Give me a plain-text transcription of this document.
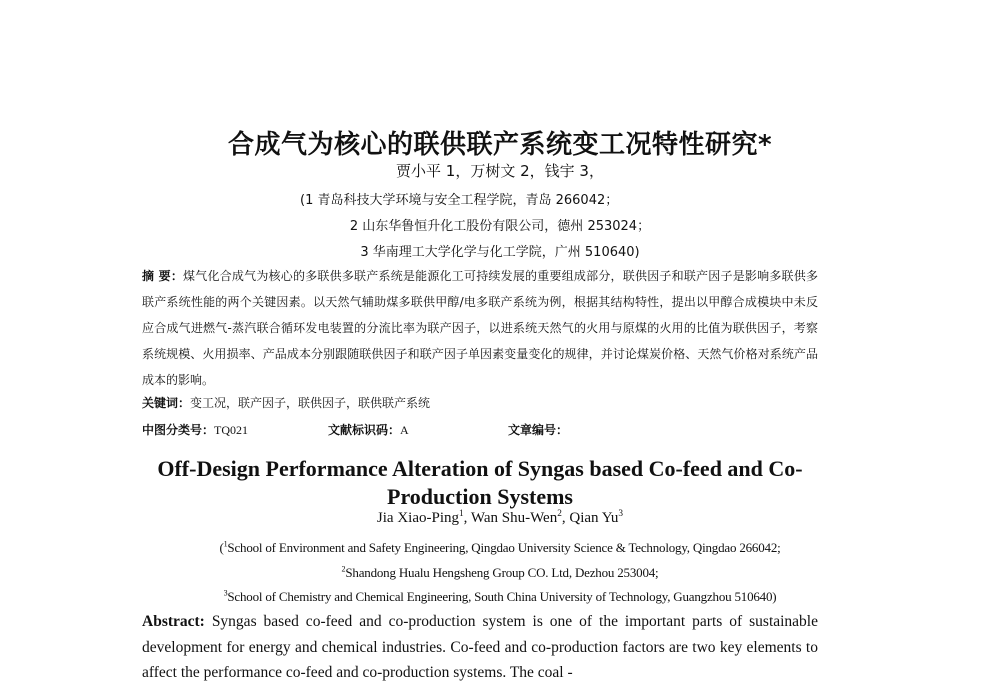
合成气为核心的联供联产系统变工况特性研究*
贾小平 1，万树文 2，钱宇 3，
(1 青岛科技大学环境与安全工程学院，青岛 266042；
2 山东华鲁恒升化工股份有限公司，德州 253024；
3 华南理工大学化学与化工学院，广州 510640)
摘 要：煤气化合成气为核心的多联供多联产系统是能源化工可持续发展的重要组成部分，联供因子和联产因子是影响多联供多联产系统性能的两个关键因素。以天然气辅助煤多联供甲醇/电多联产系统为例，根据其结构特性，提出以甲醇合成模块中未反应合成气进燃气-蒸汽联合循环发电装置的分流比率为联产因子，以进系统天然气的火用与原煤的火用的比值为联供因子，考察系统规模、火用损率、产品成本分别跟随联供因子和联产因子单因素变量变化的规律，并讨论煤炭价格、天然气价格对系统产品成本的影响。
关键词：变工况，联产因子，联供因子，联供联产系统
中图分类号：TQ021	文献标识码：A	文章编号：
Off-Design Performance Alteration of Syngas based Co-feed and Co-Production Systems
Jia Xiao-Ping$^1$, Wan Shu-Wen$^2$, Qian Yu$^3$
($^1$School of Environment and Safety Engineering, Qingdao University Science & Technology, Qingdao 266042;
$^2$Shandong Hualu Hengsheng Group CO. Ltd, Dezhou 253004;
$^3$School of Chemistry and Chemical Engineering, South China University of Technology, Guangzhou 510640)
Abstract: Syngas based co-feed and co-production system is one of the important parts of sustainable development for energy and chemical industries. Co-feed and co-production factors are two key elements to affect the performance co-feed and co-production systems. The coal -
